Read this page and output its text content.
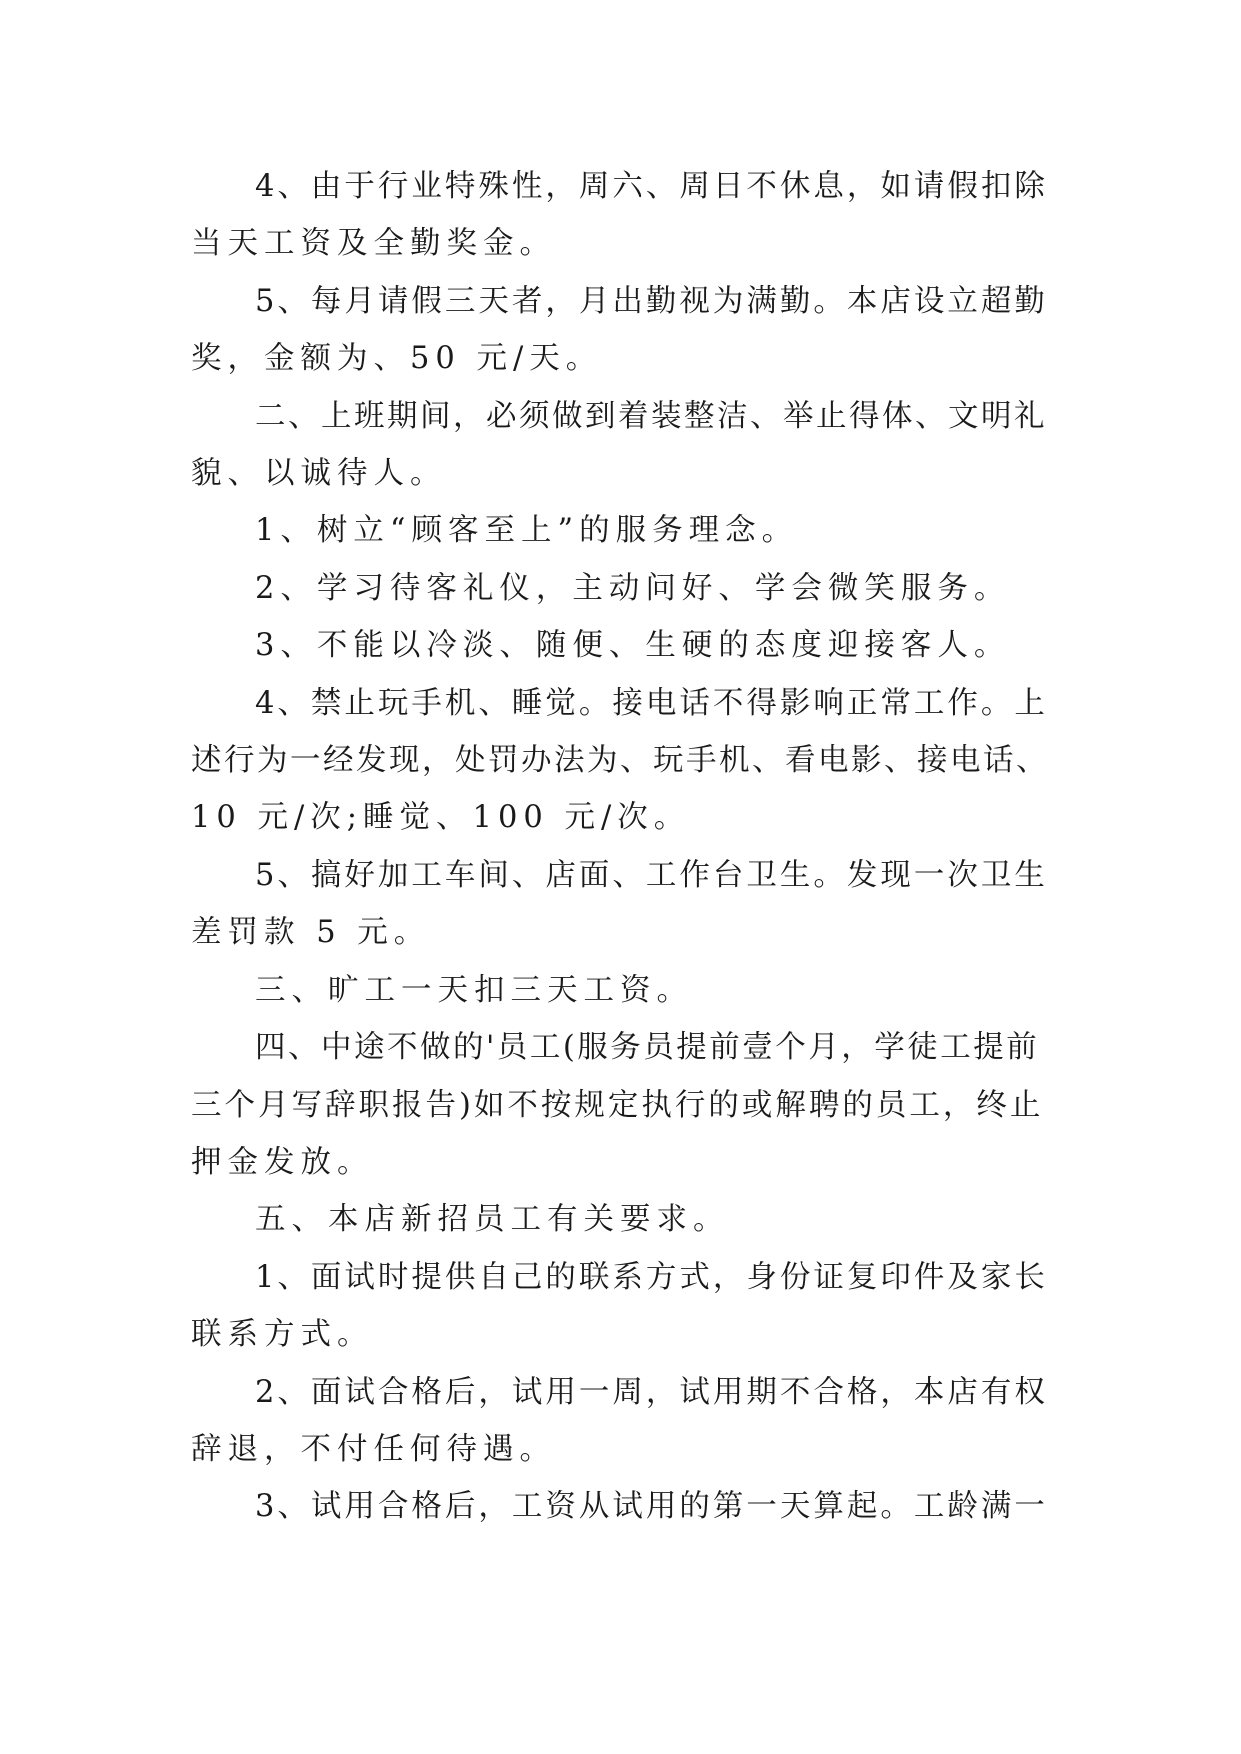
4、由于行业特殊性，周六、周日不休息，如请假扣除
当天工资及全勤奖金。
5、每月请假三天者，月出勤视为满勤。本店设立超勤
奖，金额为、50 元/天。
二、上班期间，必须做到着装整洁、举止得体、文明礼
貌、以诚待人。
1、树立“顾客至上”的服务理念。
2、学习待客礼仪，主动问好、学会微笑服务。
3、不能以冷淡、随便、生硬的态度迎接客人。
4、禁止玩手机、睡觉。接电话不得影响正常工作。上
述行为一经发现，处罚办法为、玩手机、看电影、接电话、
10 元/次;睡觉、100 元/次。
5、搞好加工车间、店面、工作台卫生。发现一次卫生
差罚款 5 元。
三、旷工一天扣三天工资。
四、中途不做的'员工(服务员提前壹个月，学徒工提前
三个月写辞职报告)如不按规定执行的或解聘的员工，终止
押金发放。
五、本店新招员工有关要求。
1、面试时提供自己的联系方式，身份证复印件及家长
联系方式。
2、面试合格后，试用一周，试用期不合格，本店有权
辞退，不付任何待遇。
3、试用合格后，工资从试用的第一天算起。工龄满一
